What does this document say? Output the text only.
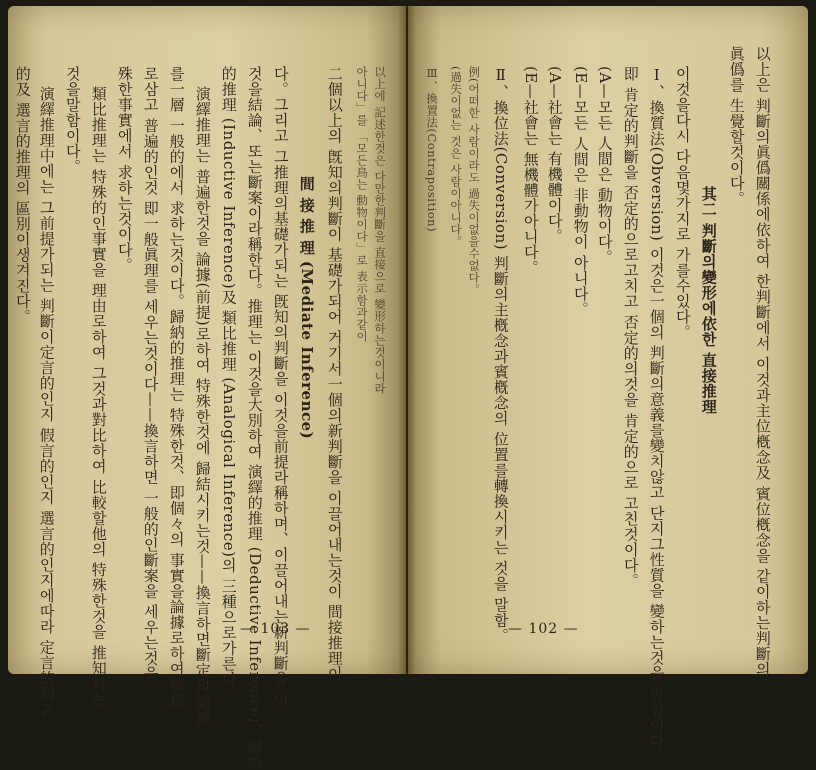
以上에 記述한것은 다만한判斷을 直接으로 變形하는것이니라
아니다」를 「모든鳥는 動物이다」로 表示함과같이
二個以上의 旣知의判斷이 基礎가되어 거기서一個의新判斷을 이끌어내는것이 間接推理이
間 接 推 理 (Mediate Inference)
다。그리고 그推理의基礎가되는 旣知의判斷을 이것을前提라稱하며、이끌어내는新判斷을 이
것을結論、또는斷案이라稱한다。推理는 이것을大別하여 演繹的推理 (Deductive Inference)、歸納
的推理 (Inductive Inference)及 類比推理 (Analogical Inference)의 三種으로가른다。
演繹推理는 普遍한것을 論據(前提)로하여 特殊한것에 歸結시키는것——換言하면斷定의論據
를一層 一般的에서 求하는것이다。歸納的推理는 特殊한것、即個々의 事實을論據로하여前提
로삼고 普遍的인것 即一般眞理를 세우는것이다——換言하면 一般的인斷案을 세우는것을
殊한事實에서 求하는것이다。
類比推理는 特殊的인事實을 理由로하여 그것과對比하여 比較할他의 特殊한것을 推知하는
것을말함이다。
演繹推理中에는 그前提가되는 判斷이定言的인지 假言的인지 選言的인지에따라 定言的假言
的及 選言的推理의 區別이생겨진다。
— 103 —	以上은 判斷의眞僞關係에依하여 한判斷에서 이것과主位槪念及 賓位槪念을 같이하는判斷의
眞僞를 生覺할것이다。
其二 判斷의變形에依한 直接推理
이것을다시 다음몇가지로 가를수있다。
Ⅰ、換質法(Obversion) 이것은一個의 判斷의意義를變치않고 단지그性質을 變하는것을 말함이다
即 肯定的判斷을 否定的으로고치고 否定的의것을 肯定的으로 고친것이다。
(A—모든 人間은 動物이다。
(E—모든 人間은 非動物이 아니다。
(A—社會는 有機體이다。
(E—社會는 無機體가아니다。
Ⅱ、換位法(Conversion) 判斷의主槪念과賓槪念의 位置를轉換시키는 것을 말함。
例(어떠한 사람이라도 過失이없을수없다。
(過失이없는 것은 사람이아니다。
Ⅲ、換置法(Contraposition)
— 102 —
